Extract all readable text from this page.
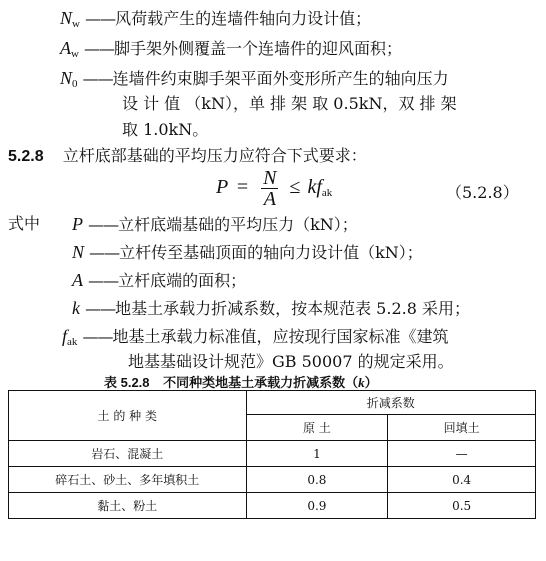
$N_w$ ——风荷载产生的连墙件轴向力设计值；
$A_w$ ——脚手架外侧覆盖一个连墙件的迎风面积；
$N_0$ ——连墙件约束脚手架平面外变形所产生的轴向压力
设 计 值 （kN），单 排 架 取 0.5kN，双 排 架
取 1.0kN。
5.2.8 立杆底部基础的平均压力应符合下式要求：
$P = \frac{N}{A}$ ≤ kfak	（5.2.8）
式中 P ——立杆底端基础的平均压力（kN）；
N ——立杆传至基础顶面的轴向力设计值（kN）；
A ——立杆底端的面积；
k ——地基土承载力折减系数，按本规范表 5.2.8 采用；
$f_{ak}$ ——地基土承载力标准值，应按现行国家标准《建筑
地基基础设计规范》GB 50007 的规定采用。
表 5.2.8 不同种类地基土承载力折减系数（k）
土 的 种 类	折减系数	
	原 土	回填土
岩石、混凝土	1	—
碎石土、砂土、多年填积土	0.8	0.4
黏土、粉土	0.9	0.5
